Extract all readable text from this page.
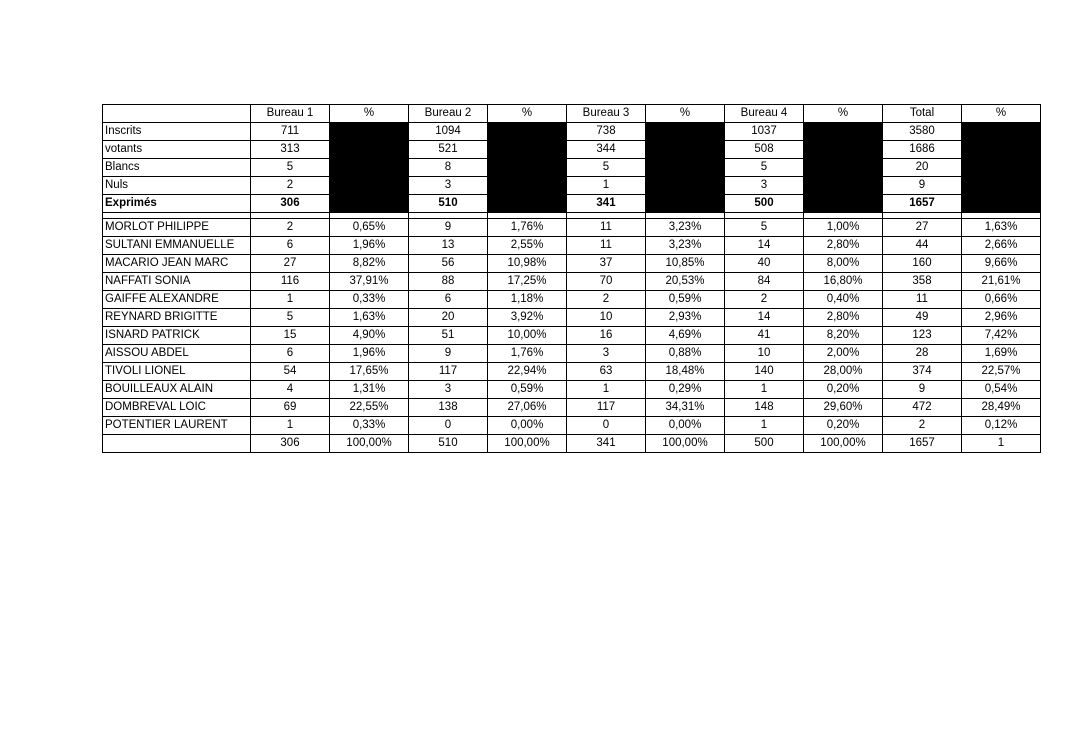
	Bureau 1	%	Bureau 2	%	Bureau 3	%	Bureau 4	%	Total	%
Inscrits	711		1094		738		1037		3580	
votants	313		521		344		508		1686	
Blancs	5		8		5		5		20	
Nuls	2		3		1		3		9	
Exprimés	306		510		341		500		1657	

MORLOT PHILIPPE	2	0,65%	9	1,76%	11	3,23%	5	1,00%	27	1,63%
SULTANI EMMANUELLE	6	1,96%	13	2,55%	11	3,23%	14	2,80%	44	2,66%
MACARIO JEAN MARC	27	8,82%	56	10,98%	37	10,85%	40	8,00%	160	9,66%
NAFFATI SONIA	116	37,91%	88	17,25%	70	20,53%	84	16,80%	358	21,61%
GAIFFE ALEXANDRE	1	0,33%	6	1,18%	2	0,59%	2	0,40%	11	0,66%
REYNARD BRIGITTE	5	1,63%	20	3,92%	10	2,93%	14	2,80%	49	2,96%
ISNARD PATRICK	15	4,90%	51	10,00%	16	4,69%	41	8,20%	123	7,42%
AISSOU ABDEL	6	1,96%	9	1,76%	3	0,88%	10	2,00%	28	1,69%
TIVOLI LIONEL	54	17,65%	117	22,94%	63	18,48%	140	28,00%	374	22,57%
BOUILLEAUX ALAIN	4	1,31%	3	0,59%	1	0,29%	1	0,20%	9	0,54%
DOMBREVAL LOIC	69	22,55%	138	27,06%	117	34,31%	148	29,60%	472	28,49%
POTENTIER LAURENT	1	0,33%	0	0,00%	0	0,00%	1	0,20%	2	0,12%
	306	100,00%	510	100,00%	341	100,00%	500	100,00%	1657	1
